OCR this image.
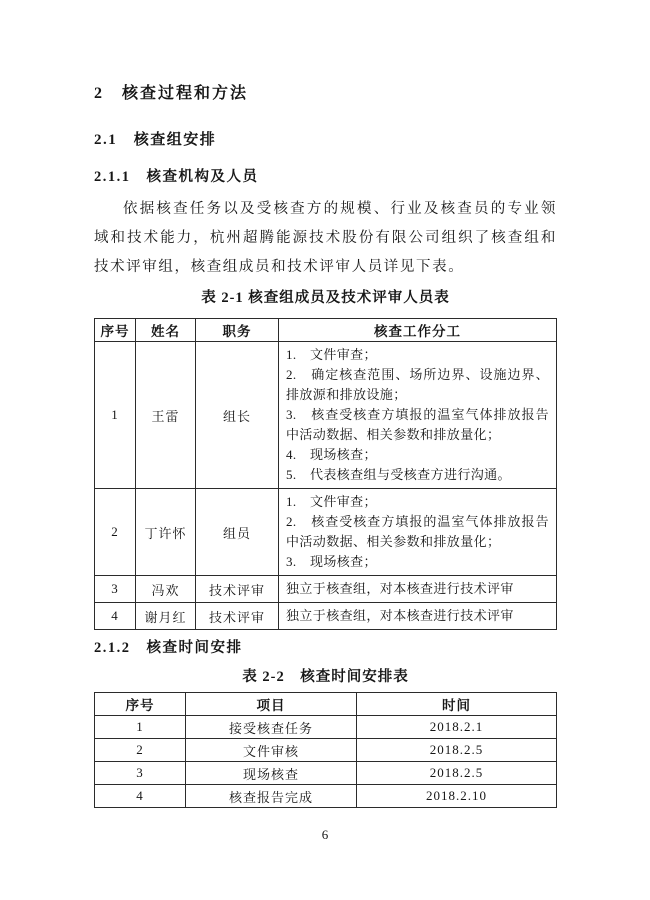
2　核查过程和方法
2.1　核查组安排
2.1.1　核查机构及人员
依据核查任务以及受核查方的规模、行业及核查员的专业领域和技术能力，杭州超腾能源技术股份有限公司组织了核查组和技术评审组，核查组成员和技术评审人员详见下表。
表 2-1 核查组成员及技术评审人员表
序号	姓名	职务	核查工作分工
1	王雷	组长	1.　文件审查；

2.　确定核查范围、场所边界、设施边界、排放源和排放设施；

3.　核查受核查方填报的温室气体排放报告中活动数据、相关参数和排放量化；

4.　现场核查；

5.　代表核查组与受核查方进行沟通。

2	丁许怀	组员	1.　文件审查；

2.　核查受核查方填报的温室气体排放报告中活动数据、相关参数和排放量化；

3.　现场核查；

3	冯欢	技术评审	独立于核查组，对本核查进行技术评审

4	谢月红	技术评审	独立于核查组，对本核查进行技术评审

2.1.2　核查时间安排
表 2-2　核查时间安排表
序号	项目	时间
1	接受核查任务	2018.2.1
2	文件审核	2018.2.5
3	现场核查	2018.2.5
4	核查报告完成	2018.2.10
6
